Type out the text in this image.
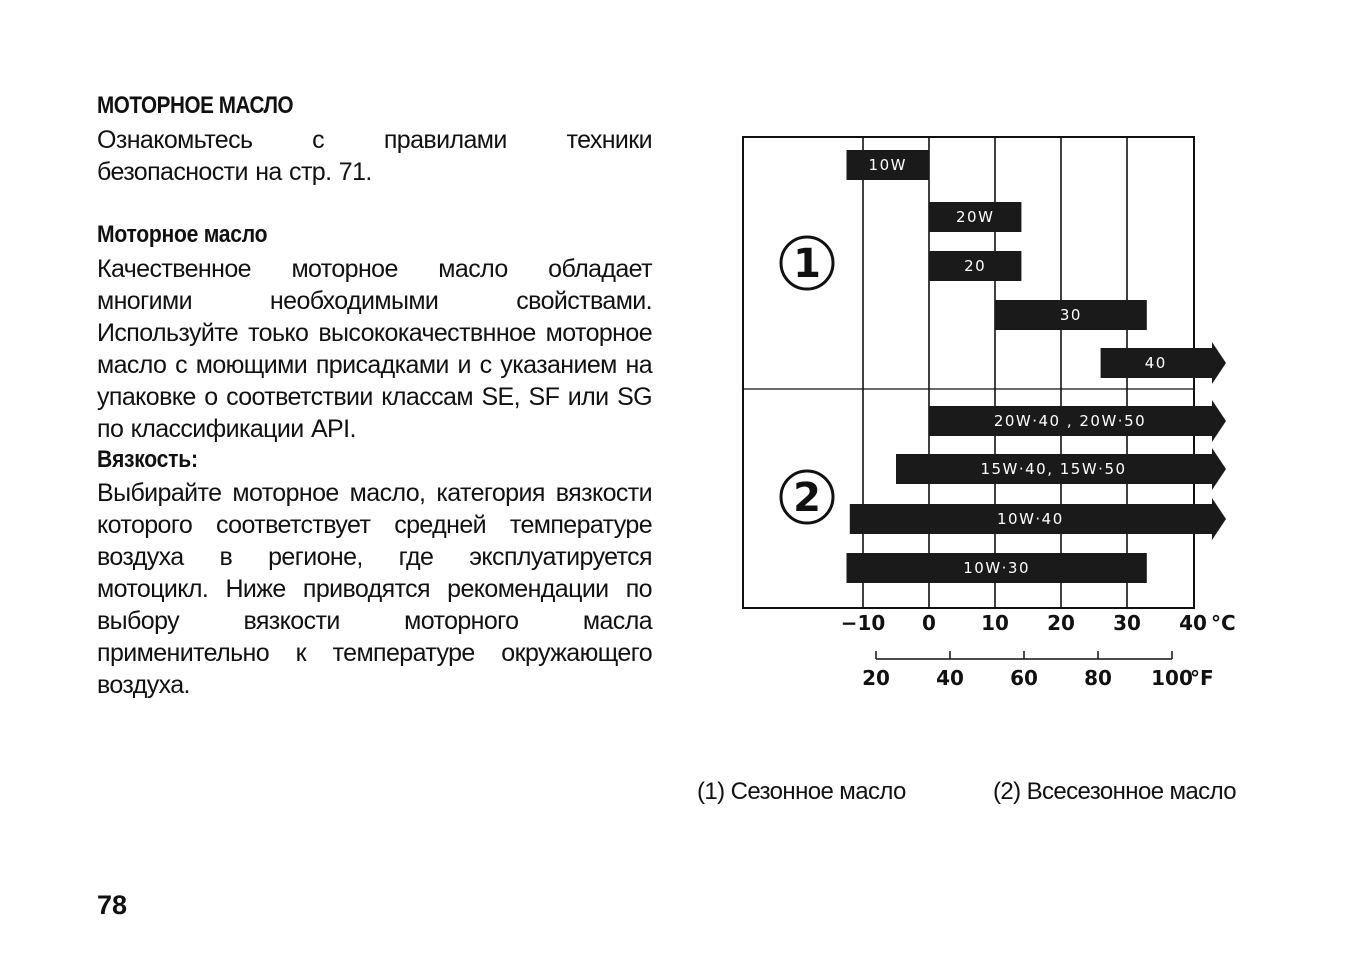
МОТОРНОЕ МАСЛО
Ознакомьтесь с правилами техники безопасности на стр. 71.
Моторное масло
Качественное моторное масло обладает многими необходимыми свойствами. Используйте тоько высококачествнное моторное масло с моющими присадками и с указанием на упаковке о соответствии классам SE, SF или SG по классификации API.
Вязкость:
Выбирайте моторное масло, категория вязкости которого соответствует средней температуре воздуха в регионе, где эксплуатируется мотоцикл. Ниже приводятся рекомендации по выбору вязкости моторного масла применительно к температуре окружающего воздуха.
1
2
10W
20W
20
30
40
20W·40 , 20W·50
15W·40, 15W·50
10W·40
10W·30
−10 0 10 20 30 40 °C
20 40 60 80 100
°F
(1) Сезонное масло	(2) Всесезонное масло
78
